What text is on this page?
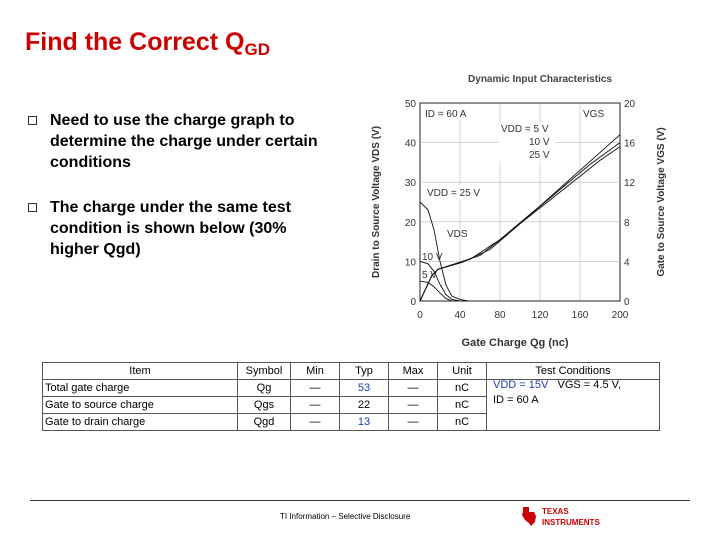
Find the Correct $Q_{GD}$
Need to use the charge graph to determine the charge under certain conditions
The charge under the same test condition is shown below (30% higher Qgd)
Dynamic Input Characteristics
0	40	80	120 160 200
50
40
30
20
10
0
20
16
12
8
4
0
Gate Charge Qg (nc)
Drain to Source Voltage VDS (V)	Gate to Source Voltage VGS (V)
ID = 60 A	VGS
VDD = 5 V
10 V
25 V
VDD = 25 V
VDS
10 V
5 V
Item	Symbol	Min	Typ	Max	Unit	Test Conditions
Total gate charge	Qg	—	53	—	nC	
Gate to source charge	Qgs	—	22	—	nC	
Gate to drain charge	Qgd	—	13	—	nC	
VDD = 15V VGS = 4.5 V,
ID = 60 A
TI Information – Selective Disclosure
TEXAS
INSTRUMENTS
